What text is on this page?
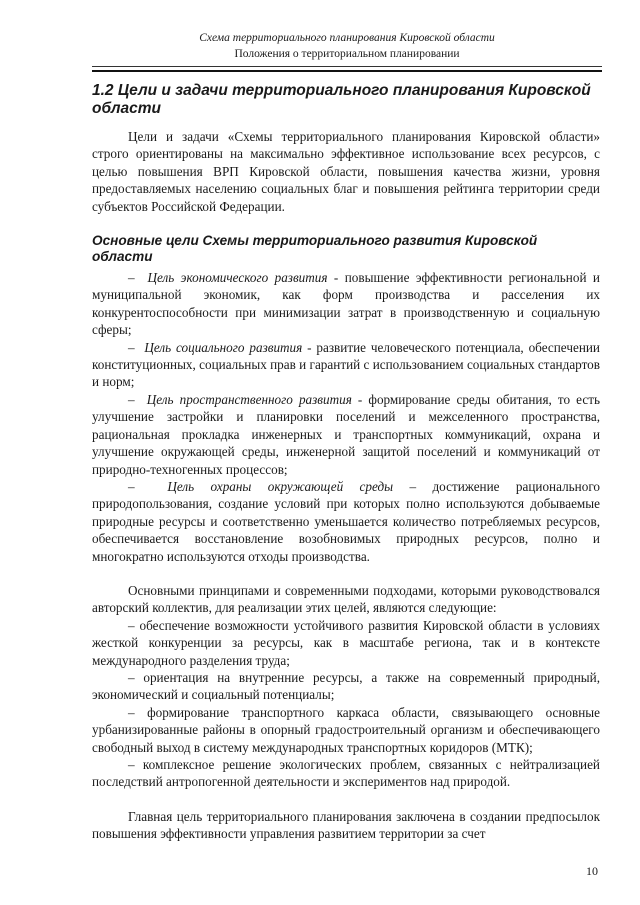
Схема территориального планирования Кировской области
Положения о территориальном планировании
1.2 Цели и задачи территориального планирования Кировской области

Цели и задачи «Схемы территориального планирования Кировской области» строго ориентированы на максимально эффективное использование всех ресурсов, с целью повышения ВРП Кировской области, повышения качества жизни, уровня предоставляемых населению социальных благ и повышения рейтинга территории среди субъектов Российской Федерации.

Основные цели Схемы территориального развития Кировской области

– Цель экономического развития - повышение эффективности региональной и муниципальной экономик, как форм производства и расселения их конкурентоспособности при минимизации затрат в производственную и социальную сферы;

– Цель социального развития - развитие человеческого потенциала, обеспечении конституционных, социальных прав и гарантий с использованием социальных стандартов и норм;

– Цель пространственного развития - формирование среды обитания, то есть улучшение застройки и планировки поселений и межселенного пространства, рациональная прокладка инженерных и транспортных коммуникаций, охрана и улучшение окружающей среды, инженерной защитой поселений и коммуникаций от природно-техногенных процессов;

– Цель охраны окружающей среды – достижение рационального природопользования, создание условий при которых полно используются добываемые природные ресурсы и соответственно уменьшается количество потребляемых ресурсов, обеспечивается восстановление возобновимых природных ресурсов, полно и многократно используются отходы производства.

Основными принципами и современными подходами, которыми руководствовался авторский коллектив, для реализации этих целей, являются следующие:

– обеспечение возможности устойчивого развития Кировской области в условиях жесткой конкуренции за ресурсы, как в масштабе региона, так и в контексте международного разделения труда;

– ориентация на внутренние ресурсы, а также на современный природный, экономический и социальный потенциалы;

– формирование транспортного каркаса области, связывающего основные урбанизированные районы в опорный градостроительный организм и обеспечивающего свободный выход в систему международных транспортных коридоров (МТК);

– комплексное решение экологических проблем, связанных с нейтрализацией последствий антропогенной деятельности и экспериментов над природой.

Главная цель территориального планирования заключена в создании предпосылок повышения эффективности управления развитием территории за счет

10
